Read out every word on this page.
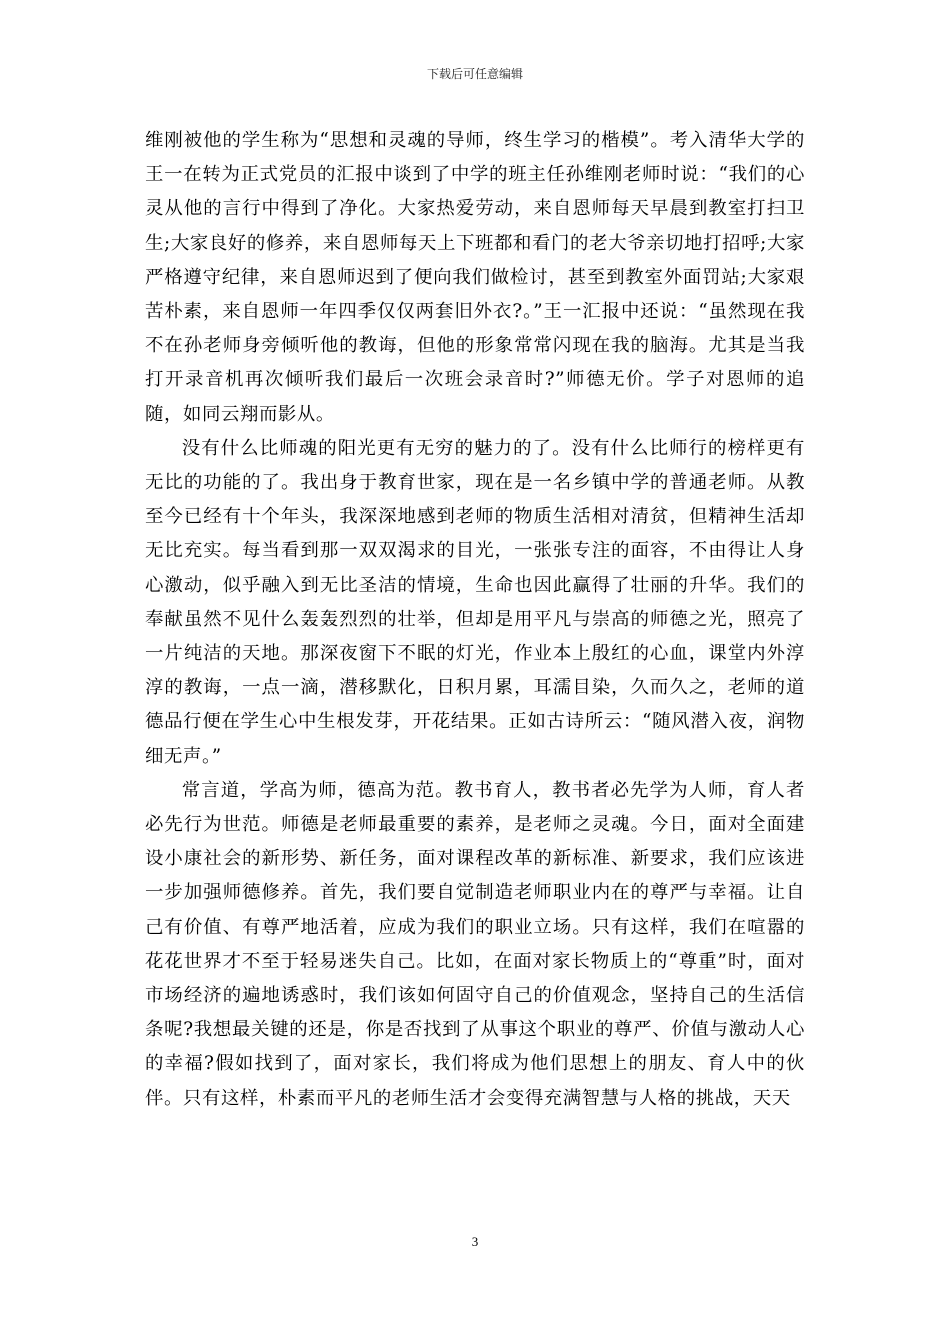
下载后可任意编辑

维刚被他的学生称为“思想和灵魂的导师，终生学习的楷模”。考入清华大学的王一在转为正式党员的汇报中谈到了中学的班主任孙维刚老师时说：“我们的心灵从他的言行中得到了净化。大家热爱劳动，来自恩师每天早晨到教室打扫卫生;大家良好的修养，来自恩师每天上下班都和看门的老大爷亲切地打招呼;大家严格遵守纪律，来自恩师迟到了便向我们做检讨，甚至到教室外面罚站;大家艰苦朴素，来自恩师一年四季仅仅两套旧外衣?。”王一汇报中还说：“虽然现在我不在孙老师身旁倾听他的教诲，但他的形象常常闪现在我的脑海。尤其是当我打开录音机再次倾听我们最后一次班会录音时?”师德无价。学子对恩师的追随，如同云翔而影从。

没有什么比师魂的阳光更有无穷的魅力的了。没有什么比师行的榜样更有无比的功能的了。我出身于教育世家，现在是一名乡镇中学的普通老师。从教至今已经有十个年头，我深深地感到老师的物质生活相对清贫，但精神生活却无比充实。每当看到那一双双渴求的目光，一张张专注的面容，不由得让人身心激动，似乎融入到无比圣洁的情境，生命也因此赢得了壮丽的升华。我们的奉献虽然不见什么轰轰烈烈的壮举，但却是用平凡与崇高的师德之光，照亮了一片纯洁的天地。那深夜窗下不眠的灯光，作业本上殷红的心血，课堂内外淳淳的教诲，一点一滴，潜移默化，日积月累，耳濡目染，久而久之，老师的道德品行便在学生心中生根发芽，开花结果。正如古诗所云：“随风潜入夜，润物细无声。”

常言道，学高为师，德高为范。教书育人，教书者必先学为人师，育人者必先行为世范。师德是老师最重要的素养，是老师之灵魂。今日，面对全面建设小康社会的新形势、新任务，面对课程改革的新标准、新要求，我们应该进一步加强师德修养。首先，我们要自觉制造老师职业内在的尊严与幸福。让自己有价值、有尊严地活着，应成为我们的职业立场。只有这样，我们在喧嚣的花花世界才不至于轻易迷失自己。比如，在面对家长物质上的“尊重”时，面对市场经济的遍地诱惑时，我们该如何固守自己的价值观念，坚持自己的生活信条呢?我想最关键的还是，你是否找到了从事这个职业的尊严、价值与激动人心的幸福?假如找到了，面对家长，我们将成为他们思想上的朋友、育人中的伙伴。只有这样，朴素而平凡的老师生活才会变得充满智慧与人格的挑战，天天

3
